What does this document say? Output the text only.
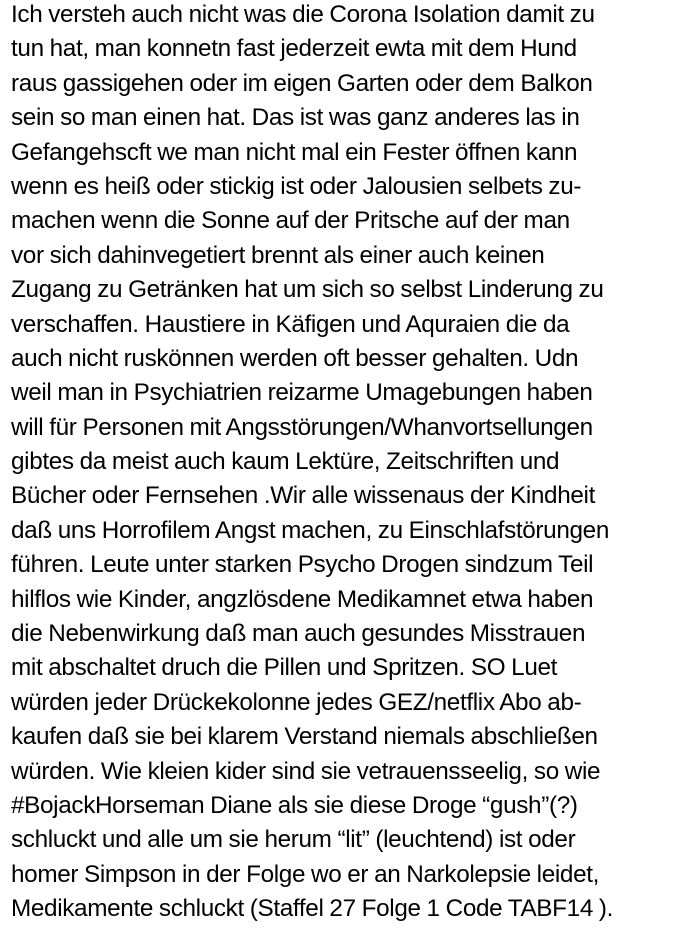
Ich versteh auch nicht was die Corona Isolation damit zu
tun hat, man konnetn fast jederzeit ewta mit dem Hund
raus gassigehen oder im eigen Garten oder dem Balkon
sein so man einen hat. Das ist was ganz anderes las in
Gefangehscft we man nicht mal ein Fester öffnen kann
wenn es heiß oder stickig ist oder Jalousien selbets zu-
machen wenn die Sonne auf der Pritsche auf der man
vor sich dahinvegetiert brennt als einer auch keinen
Zugang zu Getränken hat um sich so selbst Linderung zu
verschaffen. Haustiere in Käfigen und Aquraien die da
auch nicht ruskönnen werden oft besser gehalten. Udn
weil man in Psychiatrien reizarme Umagebungen haben
will für Personen mit Angsstörungen/Whanvortsellungen
gibtes da meist auch kaum Lektüre, Zeitschriften und
Bücher oder Fernsehen .Wir alle wissenaus der Kindheit
daß uns Horrofilem Angst machen, zu Einschlafstörungen
führen. Leute unter starken Psycho Drogen sindzum Teil
hilflos wie Kinder, angzlösdene Medikamnet etwa haben
die Nebenwirkung daß man auch gesundes Misstrauen
mit abschaltet druch die Pillen und Spritzen. SO Luet
würden jeder Drückekolonne jedes GEZ/netflix Abo ab-
kaufen daß sie bei klarem Verstand niemals abschließen
würden. Wie kleien kider sind sie vetrauensseelig, so wie
#BojackHorseman Diane als sie diese Droge “gush”(?)
schluckt und alle um sie herum “lit” (leuchtend) ist oder
homer Simpson in der Folge wo er an Narkolepsie leidet,
Medikamente schluckt (Staffel 27 Folge 1 Code TABF14 ).
